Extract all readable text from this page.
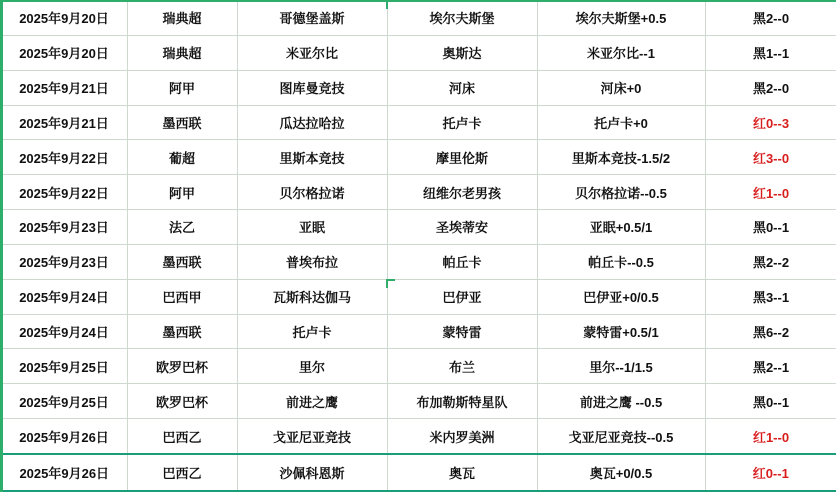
2025年9月20日	瑞典超	哥德堡盖斯	埃尔夫斯堡	埃尔夫斯堡+0.5	黑2--0
2025年9月20日	瑞典超	米亚尔比	奥斯达	米亚尔比--1	黑1--1
2025年9月21日	阿甲	图库曼竞技	河床	河床+0	黑2--0
2025年9月21日	墨西联	瓜达拉哈拉	托卢卡	托卢卡+0	红0--3
2025年9月22日	葡超	里斯本竞技	摩里伦斯	里斯本竞技-1.5/2	红3--0
2025年9月22日	阿甲	贝尔格拉诺	纽维尔老男孩	贝尔格拉诺--0.5	红1--0
2025年9月23日	法乙	亚眠	圣埃蒂安	亚眠+0.5/1	黑0--1
2025年9月23日	墨西联	普埃布拉	帕丘卡	帕丘卡--0.5	黑2--2
2025年9月24日	巴西甲	瓦斯科达伽马	巴伊亚	巴伊亚+0/0.5	黑3--1
2025年9月24日	墨西联	托卢卡	蒙特雷	蒙特雷+0.5/1	黑6--2
2025年9月25日	欧罗巴杯	里尔	布兰	里尔--1/1.5	黑2--1
2025年9月25日	欧罗巴杯	前进之鹰	布加勒斯特星队	前进之鹰 --0.5	黑0--1
2025年9月26日	巴西乙	戈亚尼亚竞技	米内罗美洲	戈亚尼亚竞技--0.5	红1--0
2025年9月26日	巴西乙	沙佩科恩斯	奥瓦	奥瓦+0/0.5	红0--1
